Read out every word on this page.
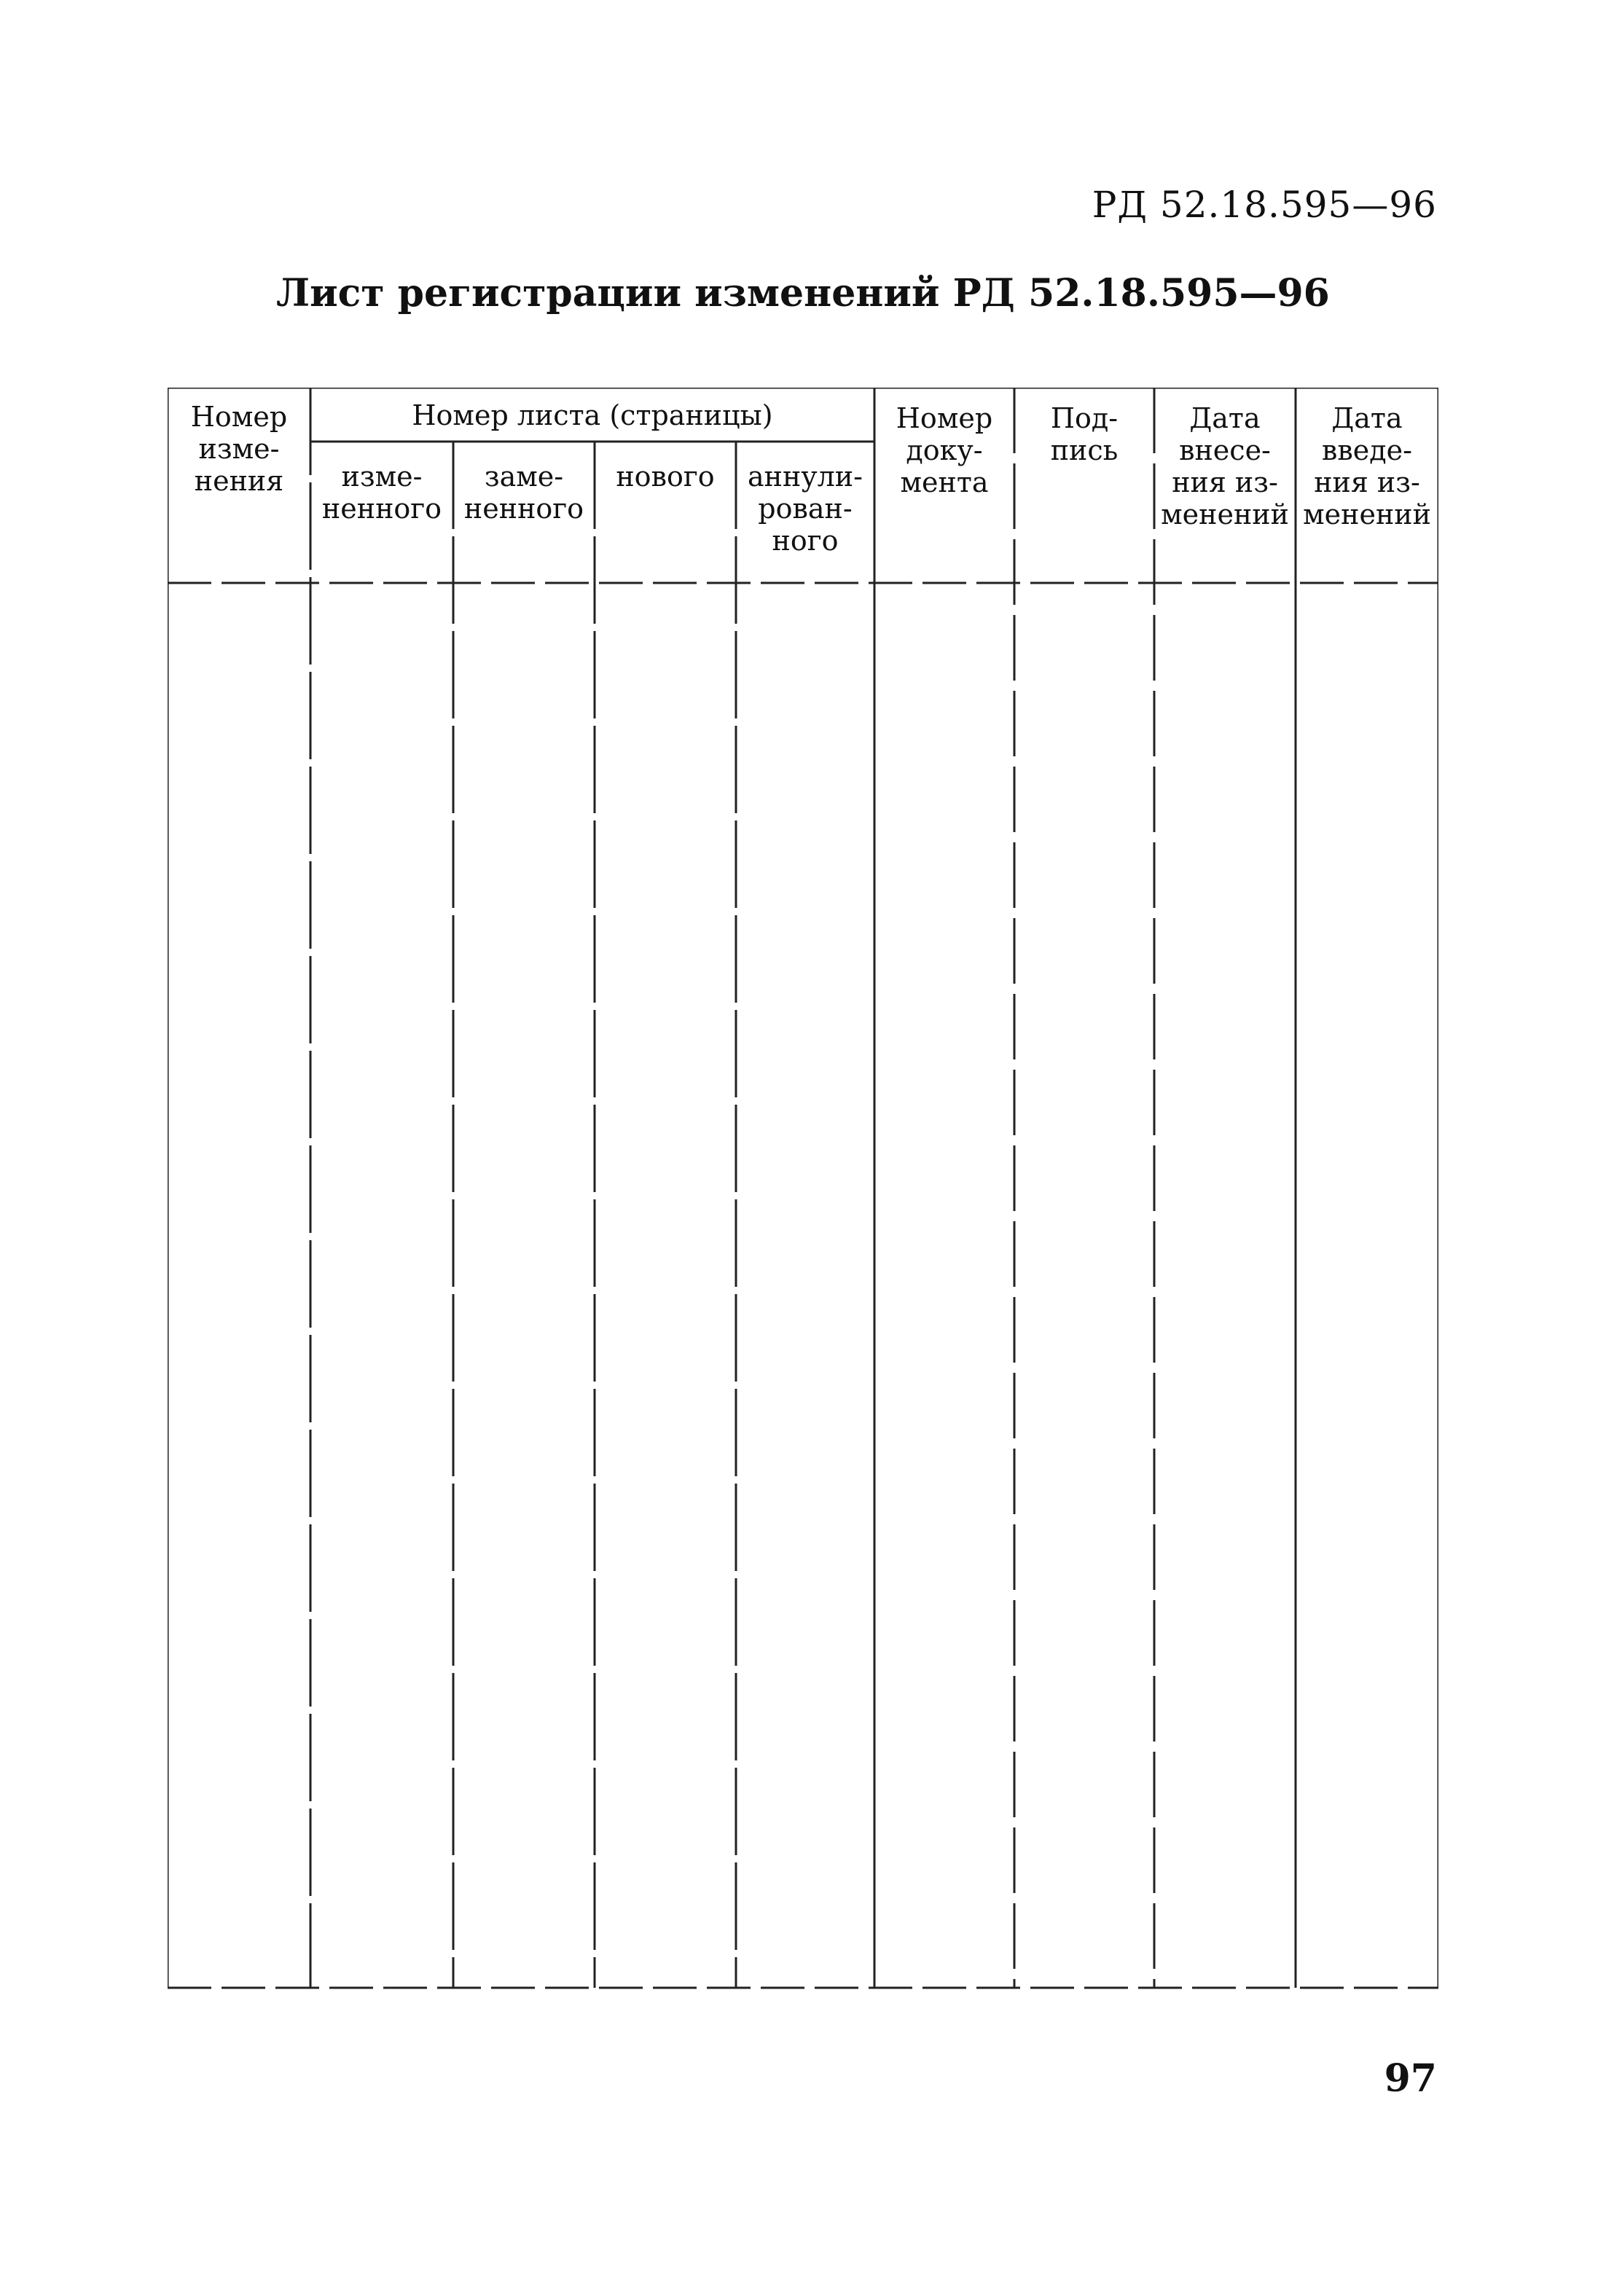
РД 52.18.595—96
Лист регистрации изменений РД 52.18.595—96
Номер
изме-
нения
Номер листа (страницы)
изме-
ненного
заме-
ненного
нового	аннули-
рован-
ного
Номер
доку-
мента
Под-
пись
Дата
внесе-
ния из-
менений
Дата
введе-
ния из-
менений
97
